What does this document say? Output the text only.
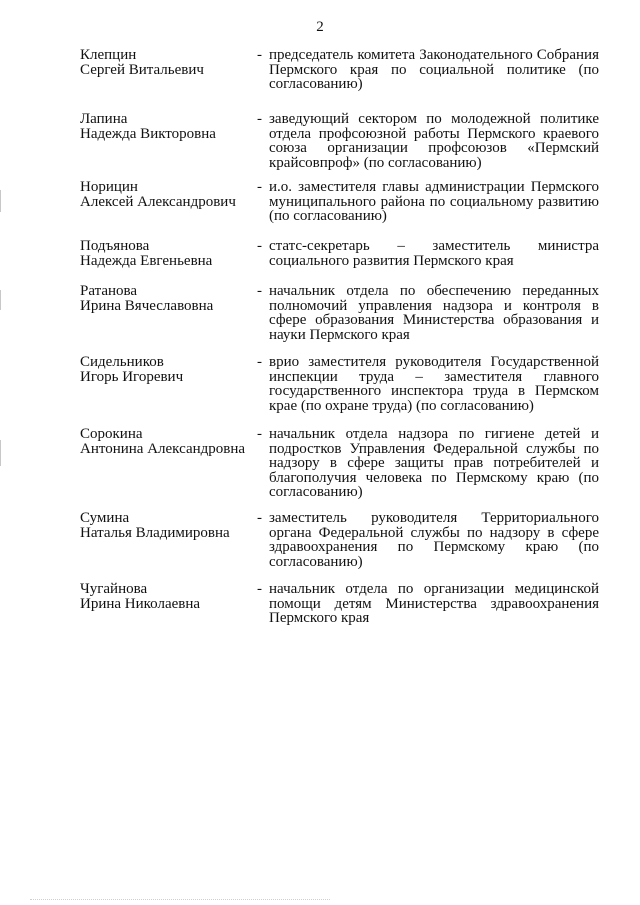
2
Клепцин
Сергей Витальевич
- председатель комитета Законодательного Собрания Пермского края по социальной политике (по согласованию)
Лапина
Надежда Викторовна
- заведующий сектором по молодежной политике отдела профсоюзной работы Пермского краевого союза организации профсоюзов «Пермский крайсовпроф» (по согласованию)
Норицин
Алексей Александрович
- и.о. заместителя главы администрации Пермского муниципального района по социальному развитию (по согласованию)
Подъянова
Надежда Евгеньевна
- статс-секретарь – заместитель министра социального развития Пермского края
Ратанова
Ирина Вячеславовна
- начальник отдела по обеспечению переданных полномочий управления надзора и контроля в сфере образования Министерства образования и науки Пермского края
Сидельников
Игорь Игоревич
- врио заместителя руководителя Государственной инспекции труда – заместителя главного государственного инспектора труда в Пермском крае (по охране труда) (по согласованию)
Сорокина
Антонина Александровна
- начальник отдела надзора по гигиене детей и подростков Управления Федеральной службы по надзору в сфере защиты прав потребителей и благополучия человека по Пермскому краю (по согласованию)
Сумина
Наталья Владимировна
- заместитель руководителя Территориального органа Федеральной службы по надзору в сфере здравоохранения по Пермскому краю (по согласованию)
Чугайнова
Ирина Николаевна
- начальник отдела по организации медицинской помощи детям Министерства здравоохранения Пермского края
